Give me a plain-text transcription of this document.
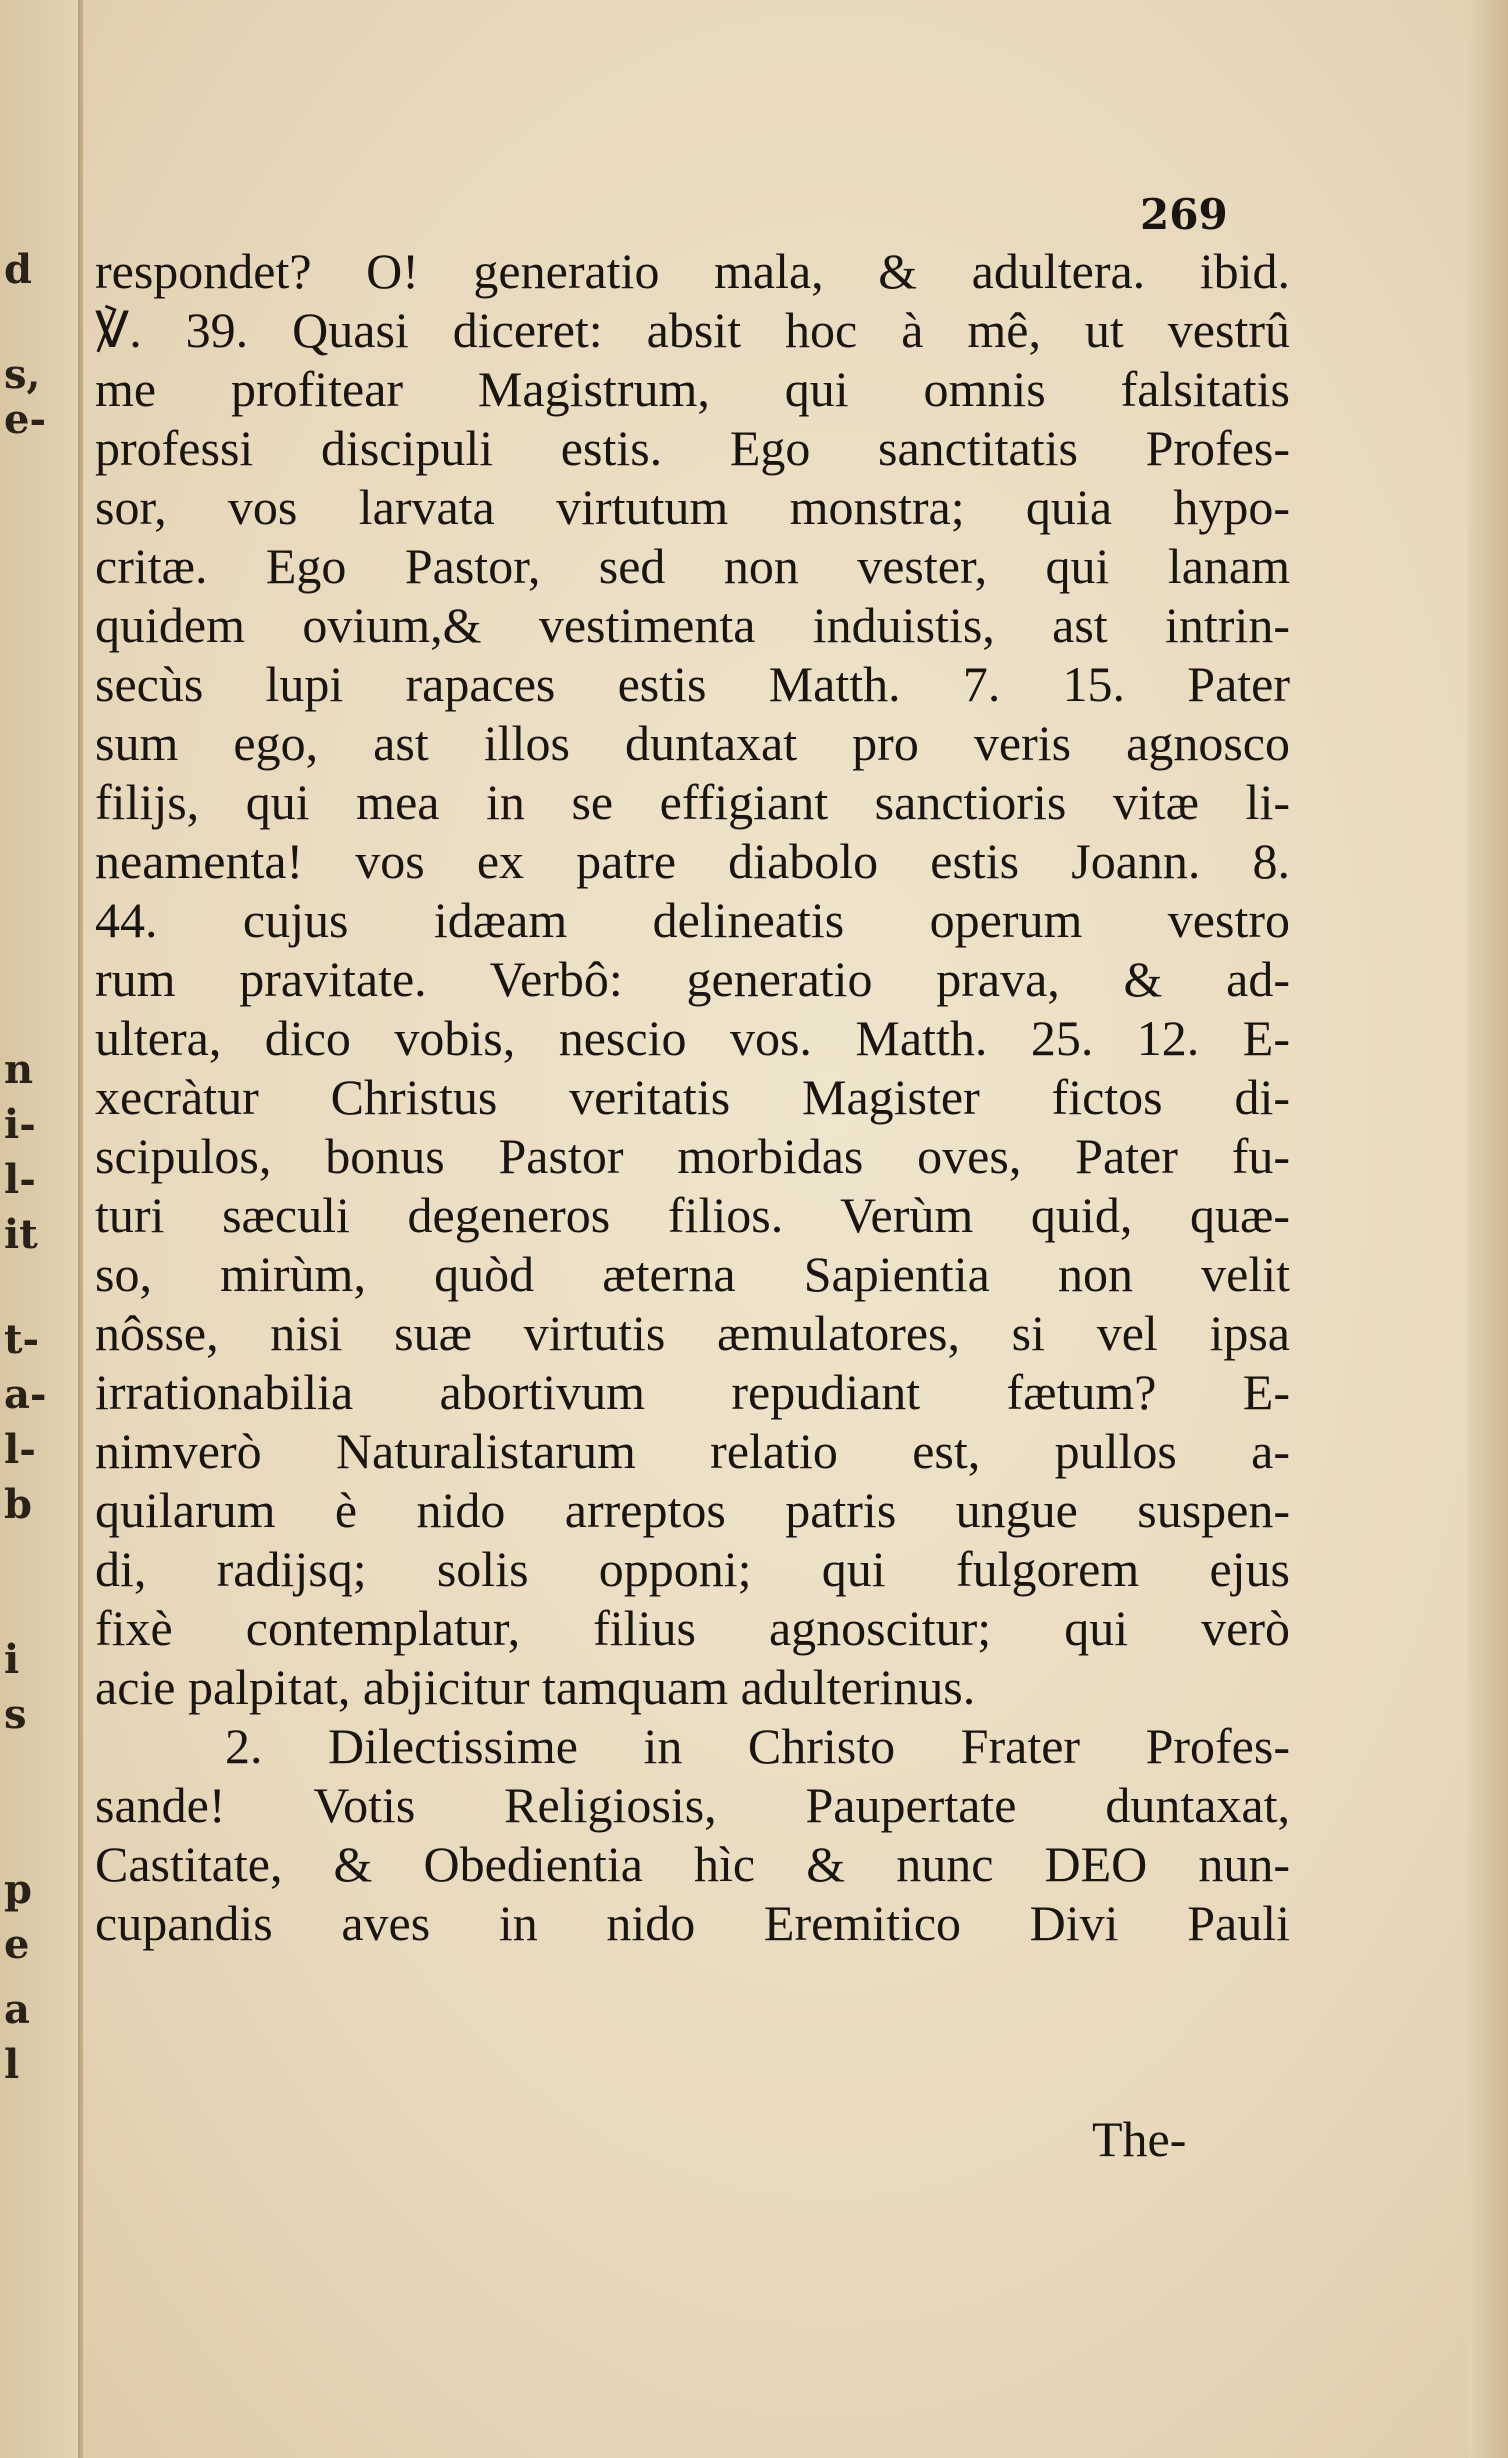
d
s,
e-
n
i-
l-
it
t-
a-
l-
b
i
s
p
e
a
l
269
respondet? O! generatio mala, & adultera. ibid.
℣. 39. Quasi diceret: absit hoc à mê, ut vestrû
me profitear Magistrum, qui omnis falsitatis
professi discipuli estis. Ego sanctitatis Profes-
sor, vos larvata virtutum monstra; quia hypo-
critæ. Ego Pastor, sed non vester, qui lanam
quidem ovium,& vestimenta induistis, ast intrin-
secùs lupi rapaces estis Matth. 7. 15. Pater
sum ego, ast illos duntaxat pro veris agnosco
filijs, qui mea in se effigiant sanctioris vitæ li-
neamenta! vos ex patre diabolo estis Joann. 8.
44. cujus idæam delineatis operum vestro
rum pravitate. Verbô: generatio prava, & ad-
ultera, dico vobis, nescio vos. Matth. 25. 12. E-
xecràtur Christus veritatis Magister fictos di-
scipulos, bonus Pastor morbidas oves, Pater fu-
turi sæculi degeneros filios. Verùm quid, quæ-
so, mirùm, quòd æterna Sapientia non velit
nôsse, nisi suæ virtutis æmulatores, si vel ipsa
irrationabilia abortivum repudiant fætum? E-
nimverò Naturalistarum relatio est, pullos a-
quilarum è nido arreptos patris ungue suspen-
di, radijsq; solis opponi; qui fulgorem ejus
fixè contemplatur, filius agnoscitur; qui verò
acie palpitat, abjicitur tamquam adulterinus.
2. Dilectissime in Christo Frater Profes-
sande! Votis Religiosis, Paupertate duntaxat,
Castitate, & Obedientia hìc & nunc DEO nun-
cupandis aves in nido Eremitico Divi Pauli
The-
